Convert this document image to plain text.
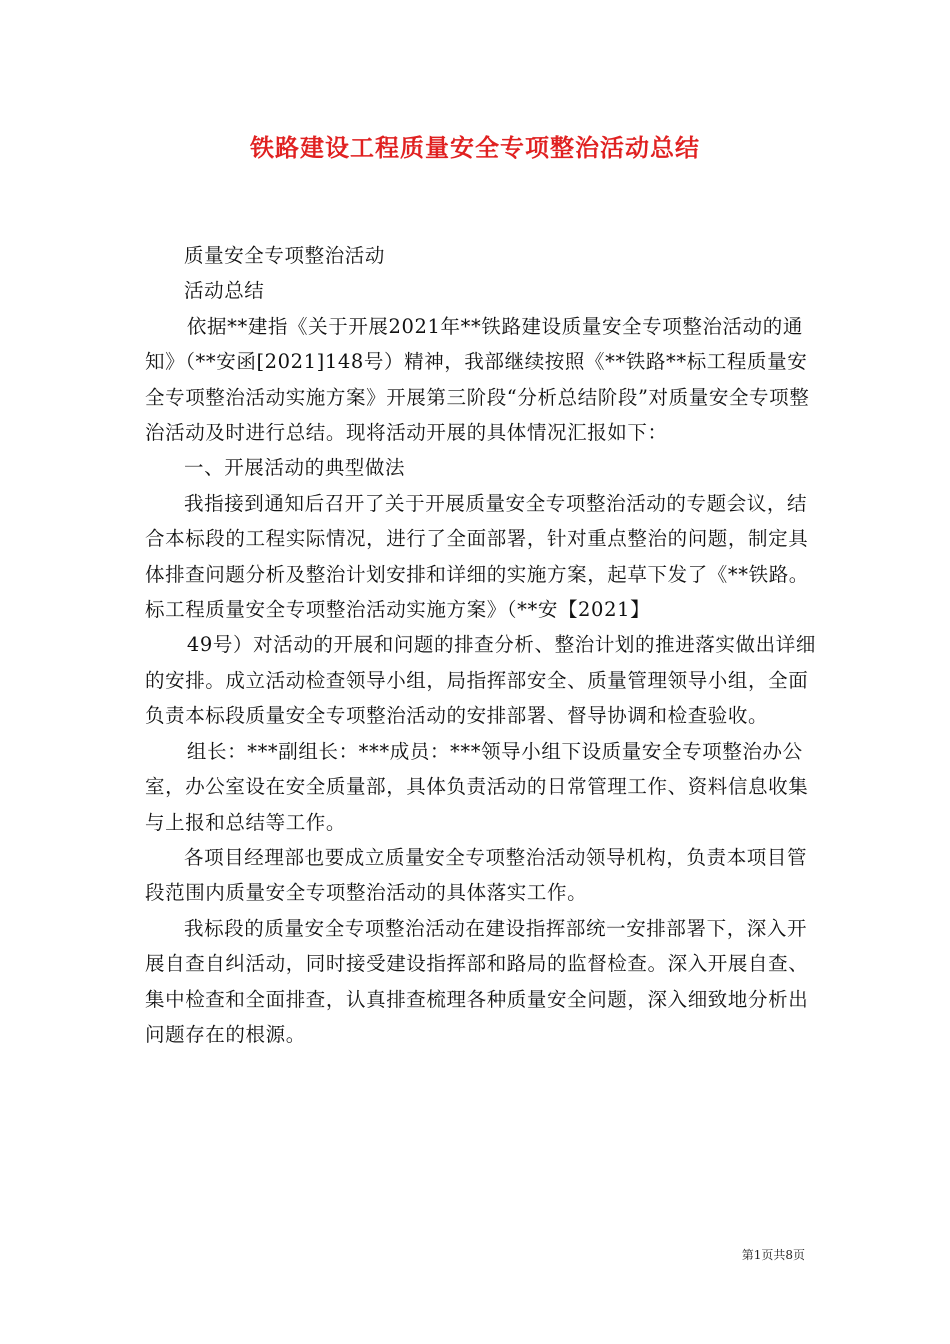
铁路建设工程质量安全专项整治活动总结

质量安全专项整治活动

活动总结

依据**建指《关于开展2021年**铁路建设质量安全专项整治活动的通知》（**安函[2021]148号）精神，我部继续按照《**铁路**标工程质量安全专项整治活动实施方案》开展第三阶段“分析总结阶段”对质量安全专项整治活动及时进行总结。现将活动开展的具体情况汇报如下：

一、开展活动的典型做法

我指接到通知后召开了关于开展质量安全专项整治活动的专题会议，结合本标段的工程实际情况，进行了全面部署，针对重点整治的问题，制定具体排查问题分析及整治计划安排和详细的实施方案，起草下发了《**铁路。标工程质量安全专项整治活动实施方案》（**安【2021】

49号）对活动的开展和问题的排查分析、整治计划的推进落实做出详细的安排。成立活动检查领导小组，局指挥部安全、质量管理领导小组，全面负责本标段质量安全专项整治活动的安排部署、督导协调和检查验收。

组长：***副组长：***成员：***领导小组下设质量安全专项整治办公室，办公室设在安全质量部，具体负责活动的日常管理工作、资料信息收集与上报和总结等工作。

各项目经理部也要成立质量安全专项整治活动领导机构，负责本项目管段范围内质量安全专项整治活动的具体落实工作。

我标段的质量安全专项整治活动在建设指挥部统一安排部署下，深入开展自查自纠活动，同时接受建设指挥部和路局的监督检查。深入开展自查、集中检查和全面排查，认真排查梳理各种质量安全问题，深入细致地分析出问题存在的根源。

第1页共8页
